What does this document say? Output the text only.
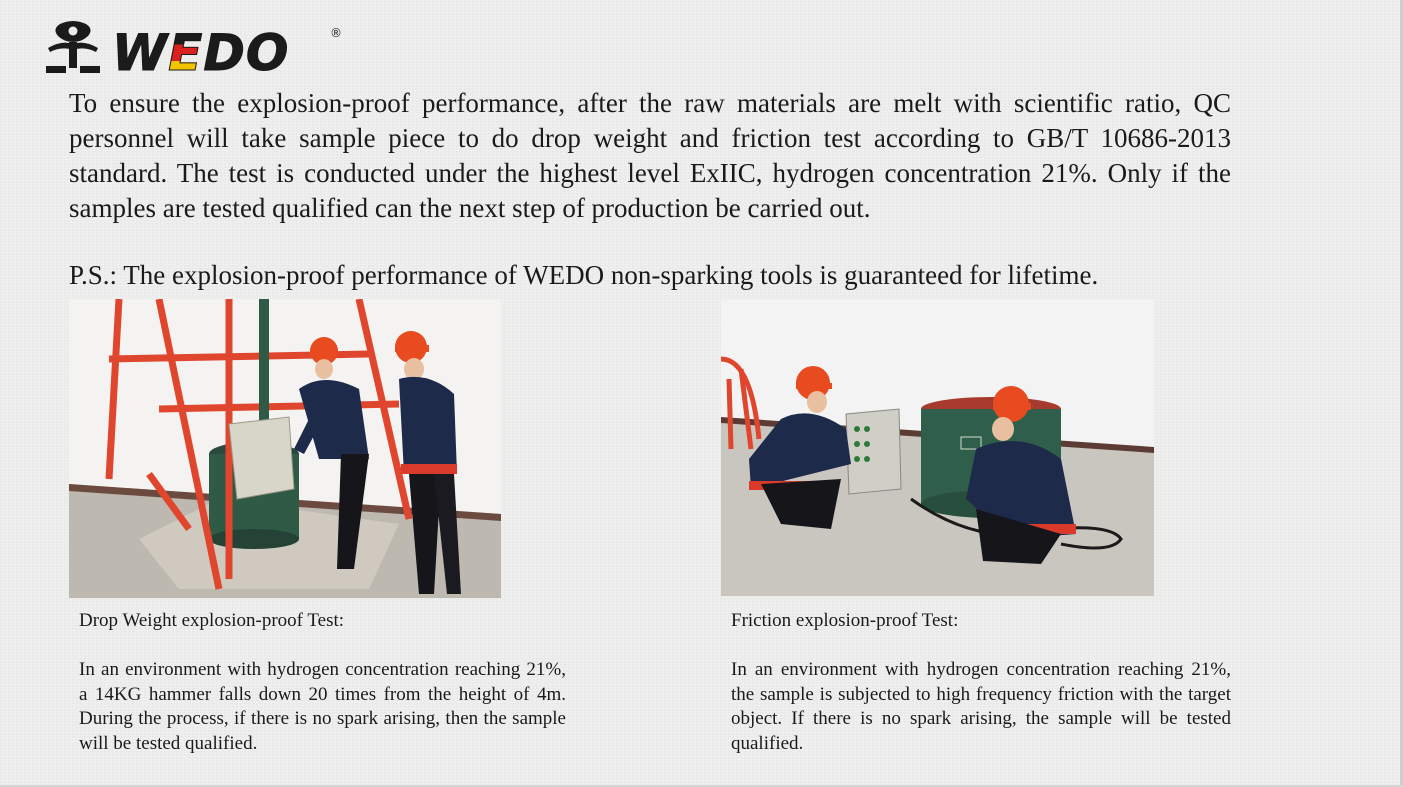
W E D O	®

To ensure the explosion-proof performance, after the raw materials are melt with scientific ratio, QC personnel will take sample piece to do drop weight and friction test according to GB/T 10686-2013 standard. The test is conducted under the highest level ExIIC, hydrogen concentration 21%. Only if the samples are tested qualified can the next step of production be carried out.

P.S.: The explosion-proof performance of WEDO non-sparking tools is guaranteed for lifetime.

Drop Weight explosion-proof Test:

In an environment with hydrogen concentration reaching 21%, a 14KG hammer falls down 20 times from the height of 4m. During the process, if there is no spark arising, then the sample will be tested qualified.

Friction explosion-proof Test:

In an environment with hydrogen concentration reaching 21%, the sample is subjected to high frequency friction with the target object. If there is no spark arising, the sample will be tested qualified.
